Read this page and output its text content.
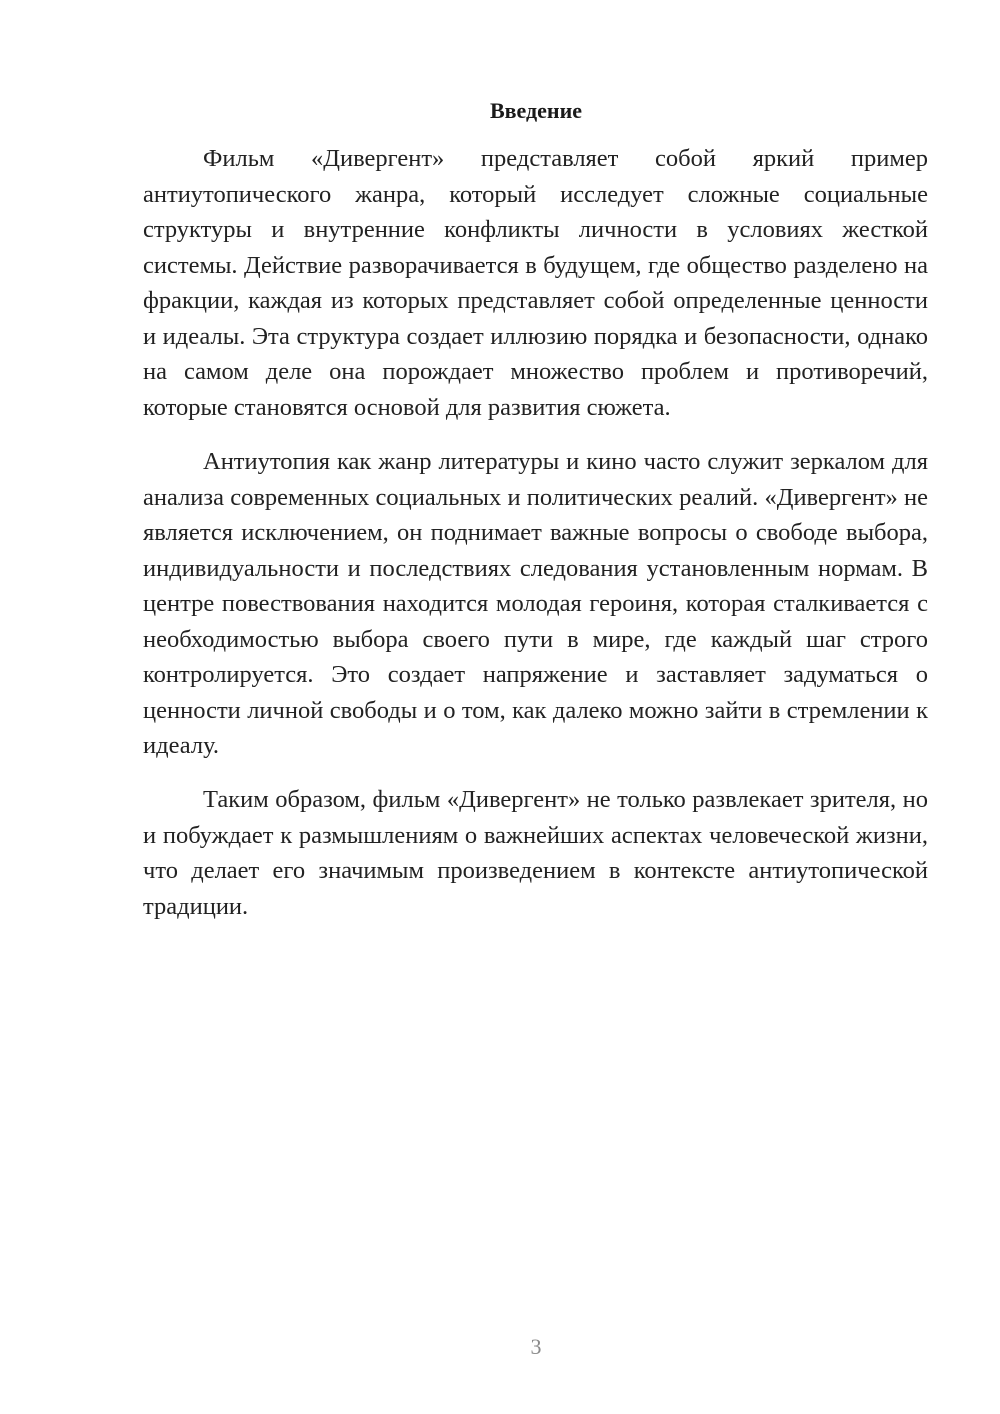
Введение

Фильм «Дивергент» представляет собой яркий пример антиутопического жанра, который исследует сложные социальные структуры и внутренние конфликты личности в условиях жесткой системы. Действие разворачивается в будущем, где общество разделено на фракции, каждая из которых представляет собой определенные ценности и идеалы. Эта структура создает иллюзию порядка и безопасности, однако на самом деле она порождает множество проблем и противоречий, которые становятся основой для развития сюжета.

Антиутопия как жанр литературы и кино часто служит зеркалом для анализа современных социальных и политических реалий. «Дивергент» не является исключением, он поднимает важные вопросы о свободе выбора, индивидуальности и последствиях следования установленным нормам. В центре повествования находится молодая героиня, которая сталкивается с необходимостью выбора своего пути в мире, где каждый шаг строго контролируется. Это создает напряжение и заставляет задуматься о ценности личной свободы и о том, как далеко можно зайти в стремлении к идеалу.

Таким образом, фильм «Дивергент» не только развлекает зрителя, но и побуждает к размышлениям о важнейших аспектах человеческой жизни, что делает его значимым произведением в контексте антиутопической традиции.

3
